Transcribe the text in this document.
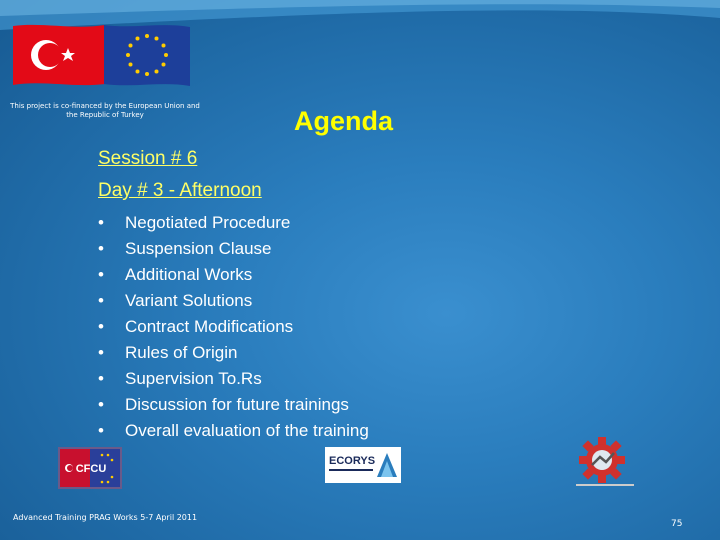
This project is co-financed by the European Union and the Republic of Turkey	Agenda
Session # 6
Day # 3 - Afternoon
• Negotiated Procedure
• Suspension Clause
• Additional Works
• Variant Solutions
• Contract Modifications
• Rules of Origin
• Supervision To.Rs
• Discussion for future trainings
• Overall evaluation of the training
CFCU
ECORYS
Advanced Training PRAG Works 5-7 April 2011
75
